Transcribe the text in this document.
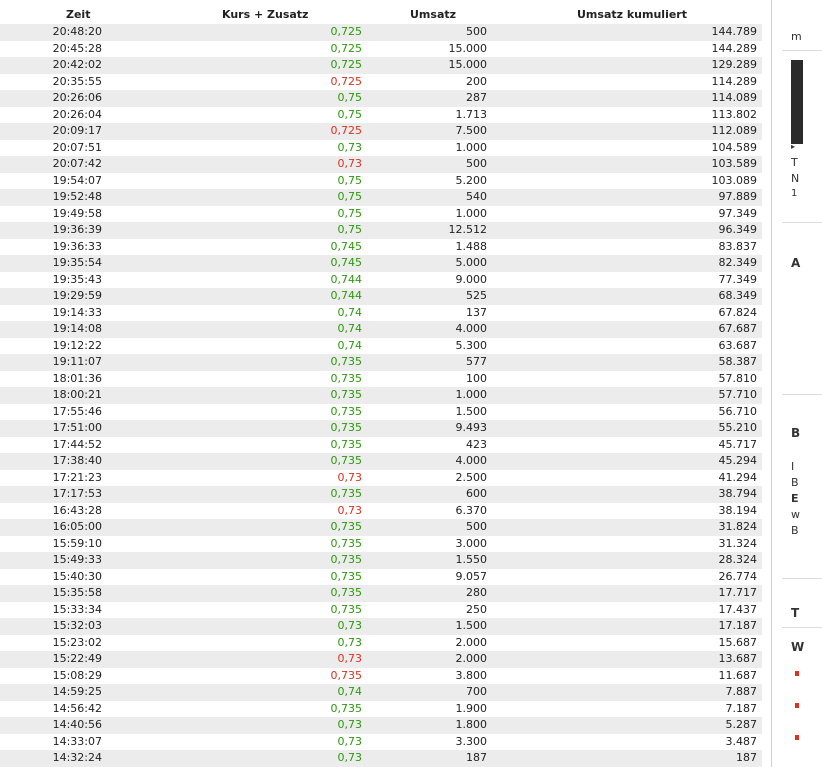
Zeit	Kurs + Zusatz	Umsatz	Umsatz kumuliert
20:48:20	0,725	500	144.789
20:45:28	0,725	15.000	144.289
20:42:02	0,725	15.000	129.289
20:35:55	0,725	200	114.289
20:26:06	0,75	287	114.089
20:26:04	0,75	1.713	113.802
20:09:17	0,725	7.500	112.089
20:07:51	0,73	1.000	104.589
20:07:42	0,73	500	103.589
19:54:07	0,75	5.200	103.089
19:52:48	0,75	540	97.889
19:49:58	0,75	1.000	97.349
19:36:39	0,75	12.512	96.349
19:36:33	0,745	1.488	83.837
19:35:54	0,745	5.000	82.349
19:35:43	0,744	9.000	77.349
19:29:59	0,744	525	68.349
19:14:33	0,74	137	67.824
19:14:08	0,74	4.000	67.687
19:12:22	0,74	5.300	63.687
19:11:07	0,735	577	58.387
18:01:36	0,735	100	57.810
18:00:21	0,735	1.000	57.710
17:55:46	0,735	1.500	56.710
17:51:00	0,735	9.493	55.210
17:44:52	0,735	423	45.717
17:38:40	0,735	4.000	45.294
17:21:23	0,73	2.500	41.294
17:17:53	0,735	600	38.794
16:43:28	0,73	6.370	38.194
16:05:00	0,735	500	31.824
15:59:10	0,735	3.000	31.324
15:49:33	0,735	1.550	28.324
15:40:30	0,735	9.057	26.774
15:35:58	0,735	280	17.717
15:33:34	0,735	250	17.437
15:32:03	0,73	1.500	17.187
15:23:02	0,73	2.000	15.687
15:22:49	0,73	2.000	13.687
15:08:29	0,735	3.800	11.687
14:59:25	0,74	700	7.887
14:56:42	0,735	1.900	7.187
14:40:56	0,73	1.800	5.287
14:33:07	0,73	3.300	3.487
14:32:24	0,73	187	187
m
▸
T
N
1
A
B
I
B
E
w
B
T
W
